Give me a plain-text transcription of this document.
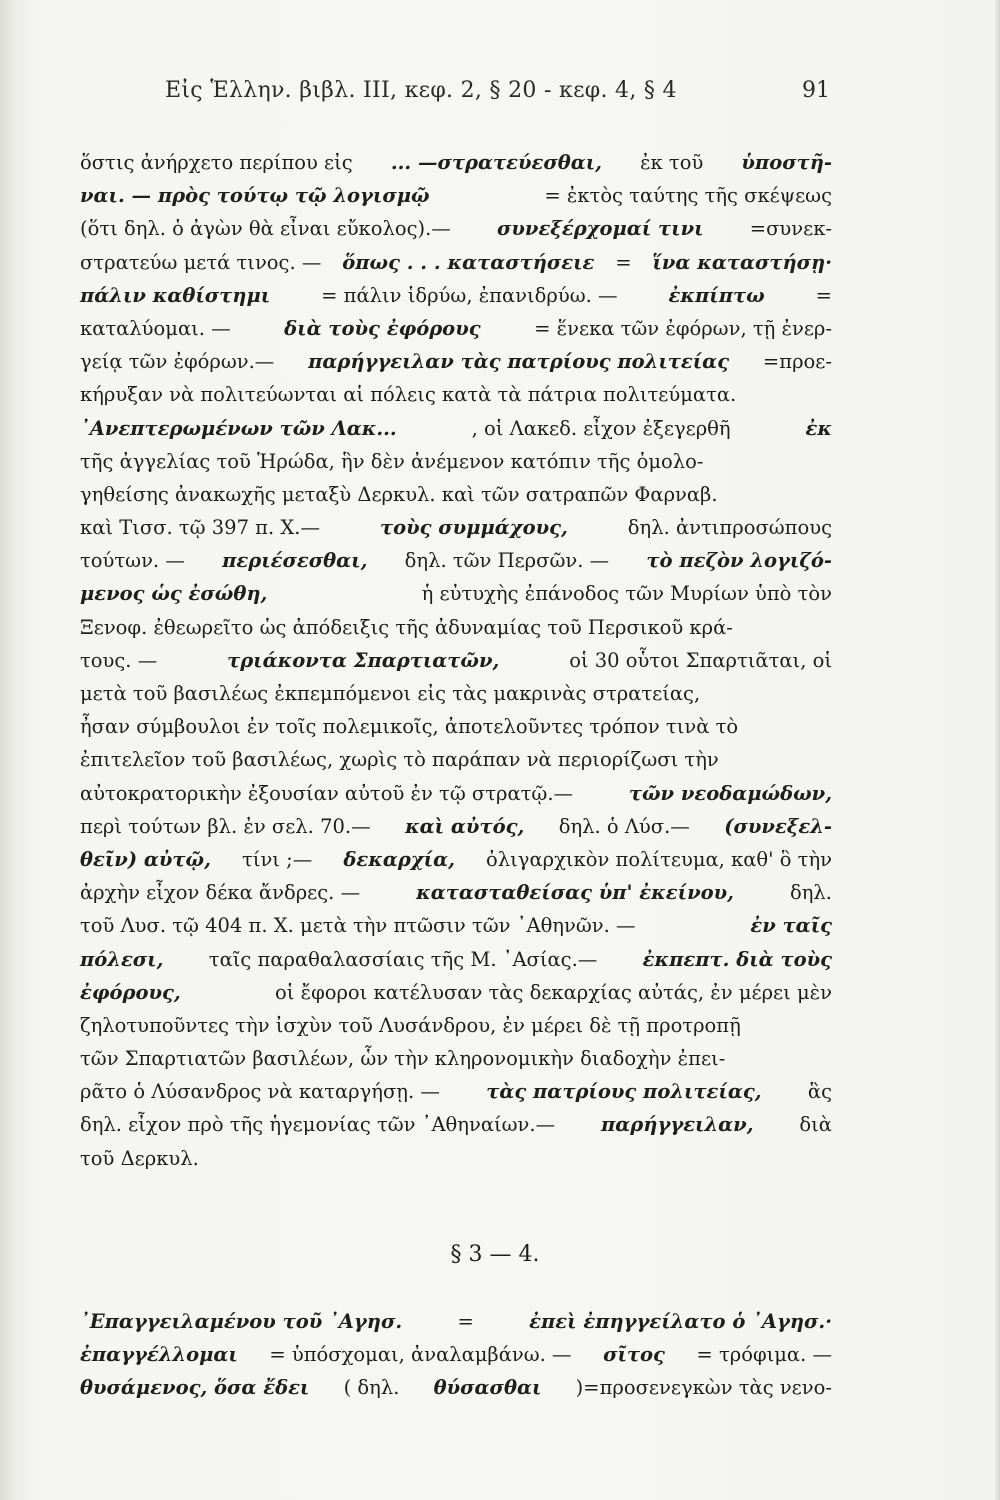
Εἰς Ἑλλην. βιβλ. ΙΙΙ, κεφ. 2, § 20 - κεφ. 4, § 4	91
ὅστις ἀνήρχετο περίπου εἰς ... —στρατεύεσθαι, ἐκ τοῦ ὑποστῆ-
ναι. — πρὸς τούτῳ τῷ λογισμῷ	= ἐκτὸς ταύτης τῆς σκέψεως
(ὅτι δηλ. ὁ ἀγὼν θὰ εἶναι εὔκολος).— συνεξέρχομαί τινι =συνεκ-
στρατεύω μετά τινος. — ὅπως . . . καταστήσειε = ἵνα καταστήσῃ·
πάλιν καθίστημι	= πάλιν ἱδρύω, ἐπανιδρύω. —	ἐκπίπτω	=
καταλύομαι. —	διὰ τοὺς ἐφόρους	= ἕνεκα τῶν ἐφόρων, τῇ ἐνερ-
γείᾳ τῶν ἐφόρων.— παρήγγειλαν τὰς πατρίους πολιτείας =προε-
κήρυξαν νὰ πολιτεύωνται αἱ πόλεις κατὰ τὰ πάτρια πολιτεύματα.
᾿Ανεπτερωμένων τῶν Λακ...	, οἱ Λακεδ. εἶχον ἐξεγερθῆ	ἐκ
τῆς ἀγγελίας τοῦ Ἡρώδα, ἣν δὲν ἀνέμενον κατόπιν τῆς ὁμολο-
γηθείσης ἀνακωχῆς μεταξὺ Δερκυλ. καὶ τῶν σατραπῶν Φαρναβ.
καὶ Τισσ. τῷ 397 π. Χ.—	τοὺς συμμάχους,	δηλ. ἀντιπροσώπους
τούτων. — περιέσεσθαι, δηλ. τῶν Περσῶν. — τὸ πεζὸν λογιζό-
μενος ὡς ἐσώθη,	ἡ εὐτυχὴς ἐπάνοδος τῶν Μυρίων ὑπὸ τὸν
Ξενοφ. ἐθεωρεῖτο ὡς ἀπόδειξις τῆς ἀδυναμίας τοῦ Περσικοῦ κρά-
τους. —	τριάκοντα Σπαρτιατῶν,	οἱ 30 οὗτοι Σπαρτιᾶται, οἱ
μετὰ τοῦ βασιλέως ἐκπεμπόμενοι εἰς τὰς μακρινὰς στρατείας,
ἦσαν σύμβουλοι ἐν τοῖς πολεμικοῖς, ἀποτελοῦντες τρόπον τινὰ τὸ
ἐπιτελεῖον τοῦ βασιλέως, χωρὶς τὸ παράπαν νὰ περιορίζωσι τὴν
αὐτοκρατορικὴν ἐξουσίαν αὐτοῦ ἐν τῷ στρατῷ.—	τῶν νεοδαμώδων,
περὶ τούτων βλ. ἐν σελ. 70.— καὶ αὐτός, δηλ. ὁ Λύσ.— (συνεξελ-
θεῖν) αὐτῷ, τίνι ;— δεκαρχία, ὀλιγαρχικὸν πολίτευμα, καθ' ὃ τὴν
ἀρχὴν εἶχον δέκα ἄνδρες. —	κατασταθείσας ὑπ' ἐκείνου,	δηλ.
τοῦ Λυσ. τῷ 404 π. Χ. μετὰ τὴν πτῶσιν τῶν ᾿Αθηνῶν. —	ἐν ταῖς
πόλεσι, ταῖς παραθαλασσίαις τῆς Μ. ᾿Ασίας.— ἐκπεπτ. διὰ τοὺς
ἐφόρους,	οἱ ἔφοροι κατέλυσαν τὰς δεκαρχίας αὐτάς, ἐν μέρει μὲν
ζηλοτυποῦντες τὴν ἰσχὺν τοῦ Λυσάνδρου, ἐν μέρει δὲ τῇ προτροπῇ
τῶν Σπαρτιατῶν βασιλέων, ὧν τὴν κληρονομικὴν διαδοχὴν ἐπει-
ρᾶτο ὁ Λύσανδρος νὰ καταργήσῃ. — τὰς πατρίους πολιτείας, ἃς
δηλ. εἶχον πρὸ τῆς ἡγεμονίας τῶν ᾿Αθηναίων.— παρήγγειλαν, διὰ
τοῦ Δερκυλ.
§ 3 — 4.
᾿Επαγγειλαμένου τοῦ ᾿Αγησ.	=	ἐπεὶ ἐπηγγείλατο ὁ ᾿Αγησ.·
ἐπαγγέλλομαι = ὑπόσχομαι, ἀναλαμβάνω. — σῖτος = τρόφιμα. —
θυσάμενος, ὅσα ἔδει ( δηλ. θύσασθαι )=προσενεγκὼν τὰς νενο-
